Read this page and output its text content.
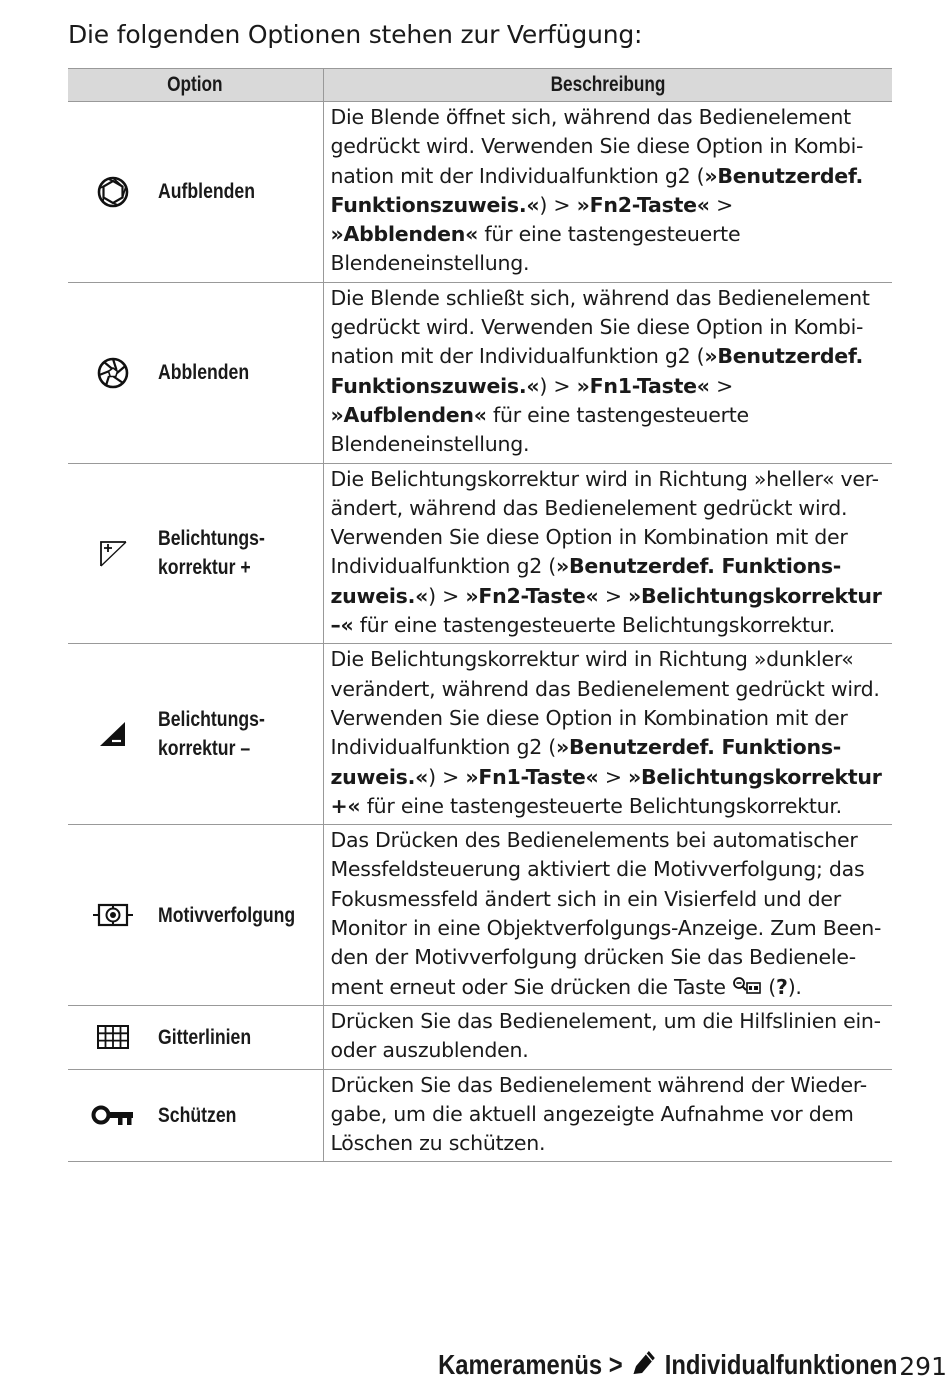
Die folgenden Optionen stehen zur Verfügung:
Option	Beschreibung

Aufblenden	Die Blende öffnet sich, während das Bedienelement gedrückt wird. Verwenden Sie diese Option in Kombi-nation mit der Individualfunktion g2 (»Benutzerdef. Funktionszuweis.«) > »Fn2-Taste« > »Abblenden« für eine tastengesteuerte Blendeneinstellung.

Abblenden	Die Blende schließt sich, während das Bedienelement gedrückt wird. Verwenden Sie diese Option in Kombi-nation mit der Individualfunktion g2 (»Benutzerdef. Funktionszuweis.«) > »Fn1-Taste« > »Aufblenden« für eine tastengesteuerte Blendeneinstellung.

Belichtungs-
korrektur +	Die Belichtungskorrektur wird in Richtung »heller« ver-ändert, während das Bedienelement gedrückt wird. Verwenden Sie diese Option in Kombination mit der Individualfunktion g2 (»Benutzerdef. Funktions-zuweis.«) > »Fn2-Taste« > »Belichtungskorrektur –« für eine tastengesteuerte Belichtungskorrektur.

Belichtungs-
korrektur –	Die Belichtungskorrektur wird in Richtung »dunkler« verändert, während das Bedienelement gedrückt wird. Verwenden Sie diese Option in Kombination mit der Individualfunktion g2 (»Benutzerdef. Funktions-zuweis.«) > »Fn1-Taste« > »Belichtungskorrektur +« für eine tastengesteuerte Belichtungskorrektur.

Motivverfolgung	Das Drücken des Bedienelements bei automatischer Messfeldsteuerung aktiviert die Motivverfolgung; das Fokusmessfeld ändert sich in ein Visierfeld und der Monitor in eine Objektverfolgungs-Anzeige. Zum Been-den der Motivverfolgung drücken Sie das Bedienele-ment erneut oder Sie drücken die Taste  (?).

Gitterlinien	Drücken Sie das Bedienelement, um die Hilfslinien ein- oder auszublenden.

Schützen	Drücken Sie das Bedienelement während der Wieder-gabe, um die aktuell angezeigte Aufnahme vor dem Löschen zu schützen.
Kameramenüs > Individualfunktionen 291
